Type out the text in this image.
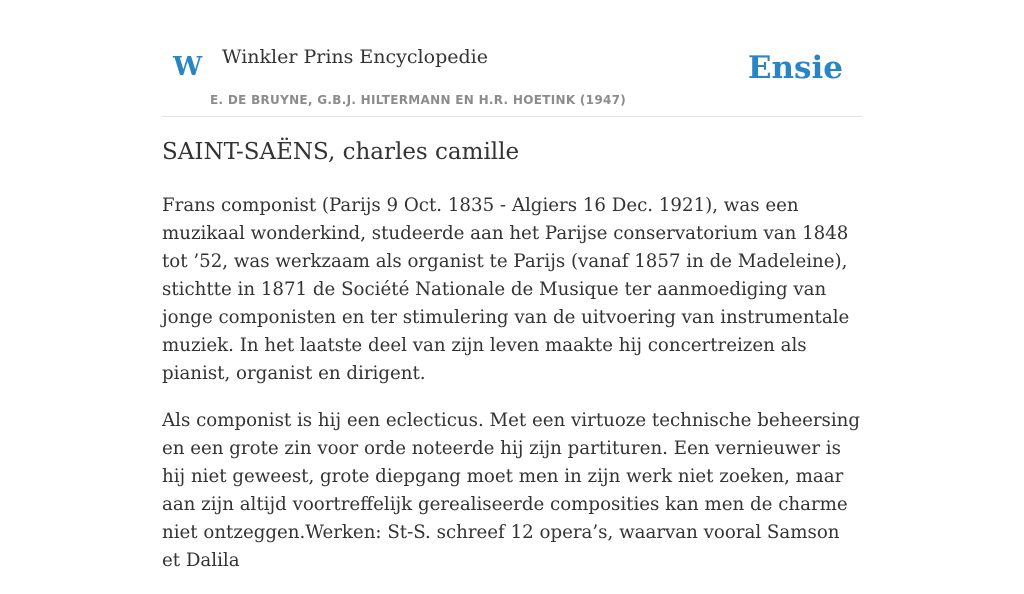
W Winkler Prins Encyclopedie
E. DE BRUYNE, G.B.J. HILTERMANN EN H.R. HOETINK (1947)
Ensie
SAINT-SAËNS, charles camille

Frans componist (Parijs 9 Oct. 1835 - Algiers 16 Dec. 1921), was een muzikaal wonderkind, studeerde aan het Parijse conservatorium van 1848 tot ’52, was werkzaam als organist te Parijs (vanaf 1857 in de Madeleine), stichtte in 1871 de Société Nationale de Musique ter aanmoediging van jonge componisten en ter stimulering van de uitvoering van instrumentale muziek. In het laatste deel van zijn leven maakte hij concertreizen als pianist, organist en dirigent.

Als componist is hij een eclecticus. Met een virtuoze technische beheersing en een grote zin voor orde noteerde hij zijn partituren. Een vernieuwer is hij niet geweest, grote diepgang moet men in zijn werk niet zoeken, maar aan zijn altijd voortreffelijk gerealiseerde composities kan men de charme niet ontzeggen.Werken: St-S. schreef 12 opera’s, waarvan vooral Samson et Dalila
